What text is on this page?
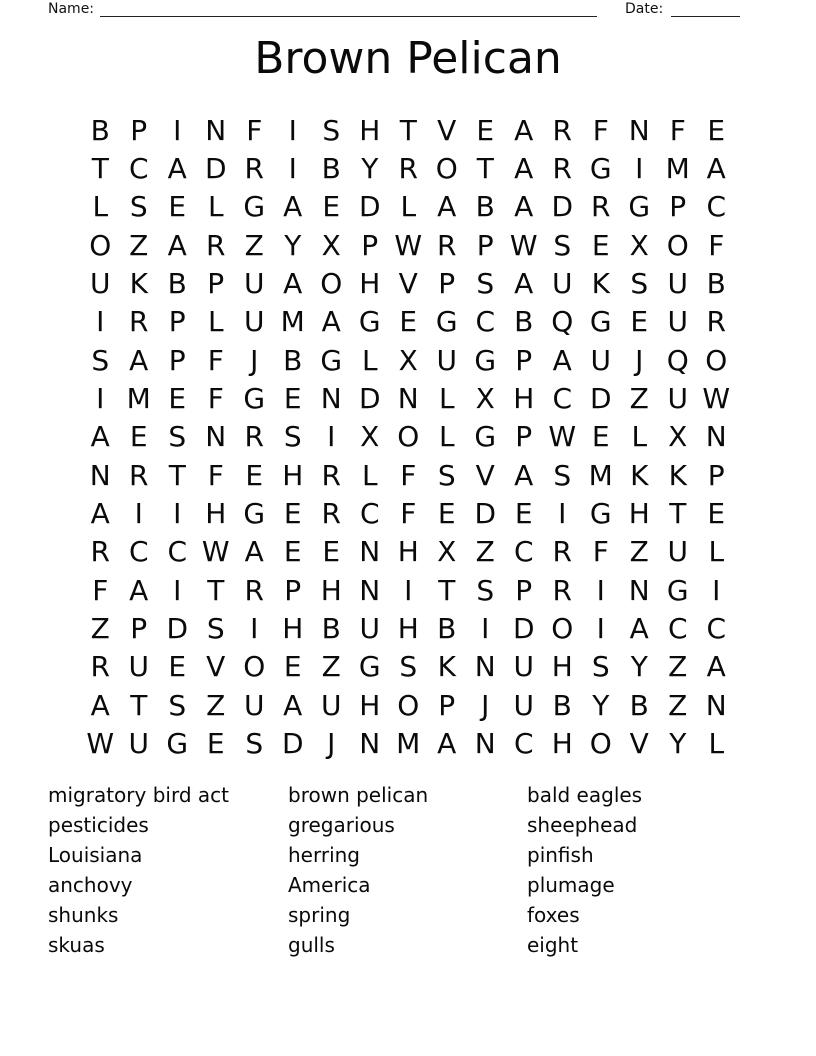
Name:	Date:
Brown Pelican
B P I N F I S H T V E A R F N F E
T C A D R I B Y R O T A R G I M A
L S E L G A E D L A B A D R G P C
O Z A R Z Y X P W R P W S E X O F
U K B P U A O H V P S A U K S U B
I R P L U M A G E G C B Q G E U R
S A P F J B G L X U G P A U J Q O
I M E F G E N D N L X H C D Z U W
A E S N R S I X O L G P W E L X N
N R T F E H R L F S V A S M K K P
A I	I H G E R C F E D E I G H T E
R C C W A E E N H X Z C R F Z U L
F A I T R P H N I T S P R I N G I
Z P D S I H B U H B I D O I A C C
R U E V O E Z G S K N U H S Y Z A
A T S Z U A U H O P J U B Y B Z N
W U G E S D J N M A N C H O V Y L
migratory bird act
pesticides
Louisiana
anchovy
shunks
skuas
brown pelican
gregarious
herring
America
spring
gulls
bald eagles
sheephead
pinfish
plumage
foxes
eight
